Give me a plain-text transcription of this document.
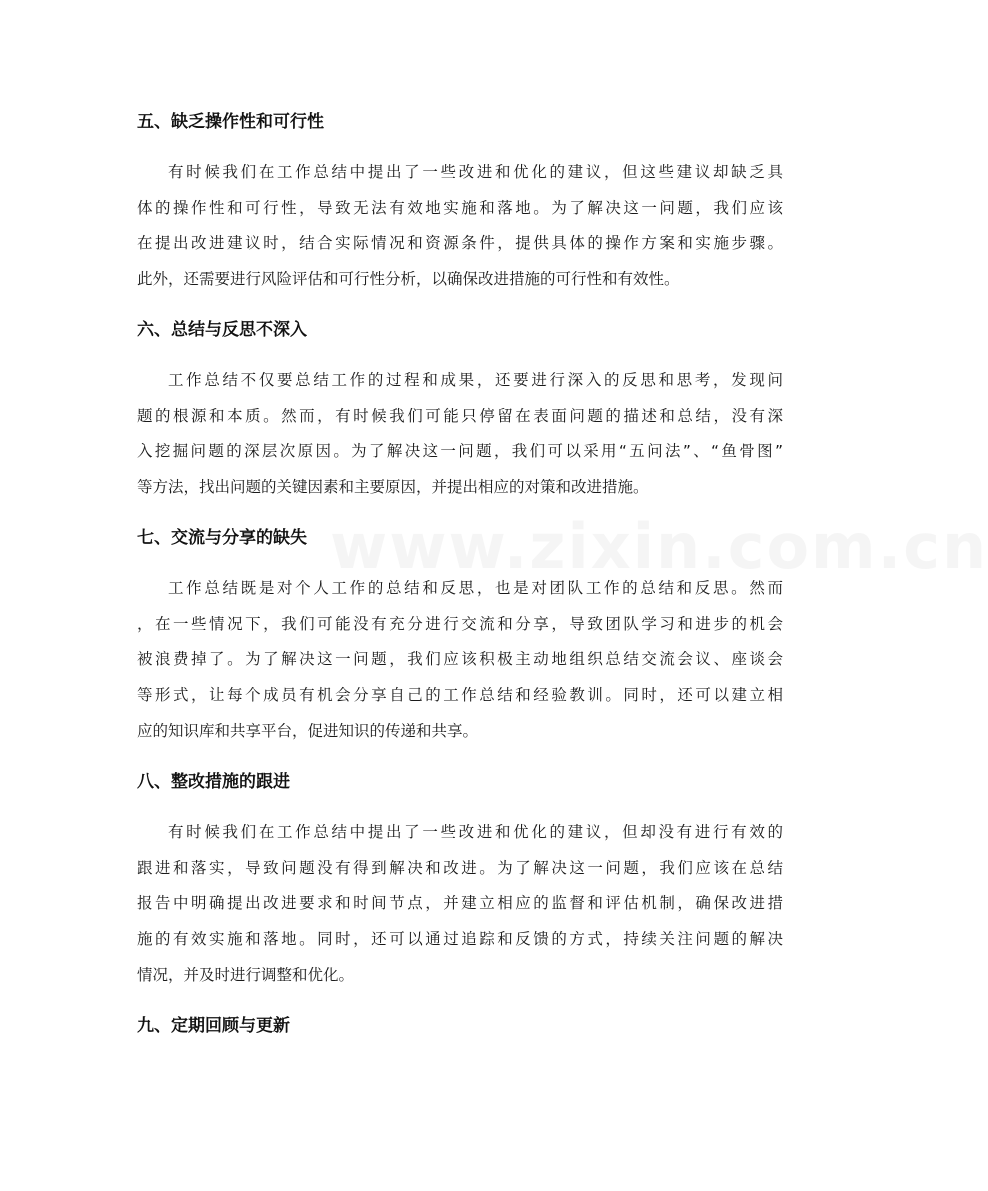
www.zixin.com.cn
五、缺乏操作性和可行性
有时候我们在工作总结中提出了一些改进和优化的建议，但这些建议却缺乏具
体的操作性和可行性，导致无法有效地实施和落地。为了解决这一问题，我们应该
在提出改进建议时，结合实际情况和资源条件，提供具体的操作方案和实施步骤。
此外，还需要进行风险评估和可行性分析，以确保改进措施的可行性和有效性。
六、总结与反思不深入
工作总结不仅要总结工作的过程和成果，还要进行深入的反思和思考，发现问
题的根源和本质。然而，有时候我们可能只停留在表面问题的描述和总结，没有深
入挖掘问题的深层次原因。为了解决这一问题，我们可以采用“五问法”、“鱼骨图”
等方法，找出问题的关键因素和主要原因，并提出相应的对策和改进措施。
七、交流与分享的缺失
工作总结既是对个人工作的总结和反思，也是对团队工作的总结和反思。然而
，在一些情况下，我们可能没有充分进行交流和分享，导致团队学习和进步的机会
被浪费掉了。为了解决这一问题，我们应该积极主动地组织总结交流会议、座谈会
等形式，让每个成员有机会分享自己的工作总结和经验教训。同时，还可以建立相
应的知识库和共享平台，促进知识的传递和共享。
八、整改措施的跟进
有时候我们在工作总结中提出了一些改进和优化的建议，但却没有进行有效的
跟进和落实，导致问题没有得到解决和改进。为了解决这一问题，我们应该在总结
报告中明确提出改进要求和时间节点，并建立相应的监督和评估机制，确保改进措
施的有效实施和落地。同时，还可以通过追踪和反馈的方式，持续关注问题的解决
情况，并及时进行调整和优化。
九、定期回顾与更新
